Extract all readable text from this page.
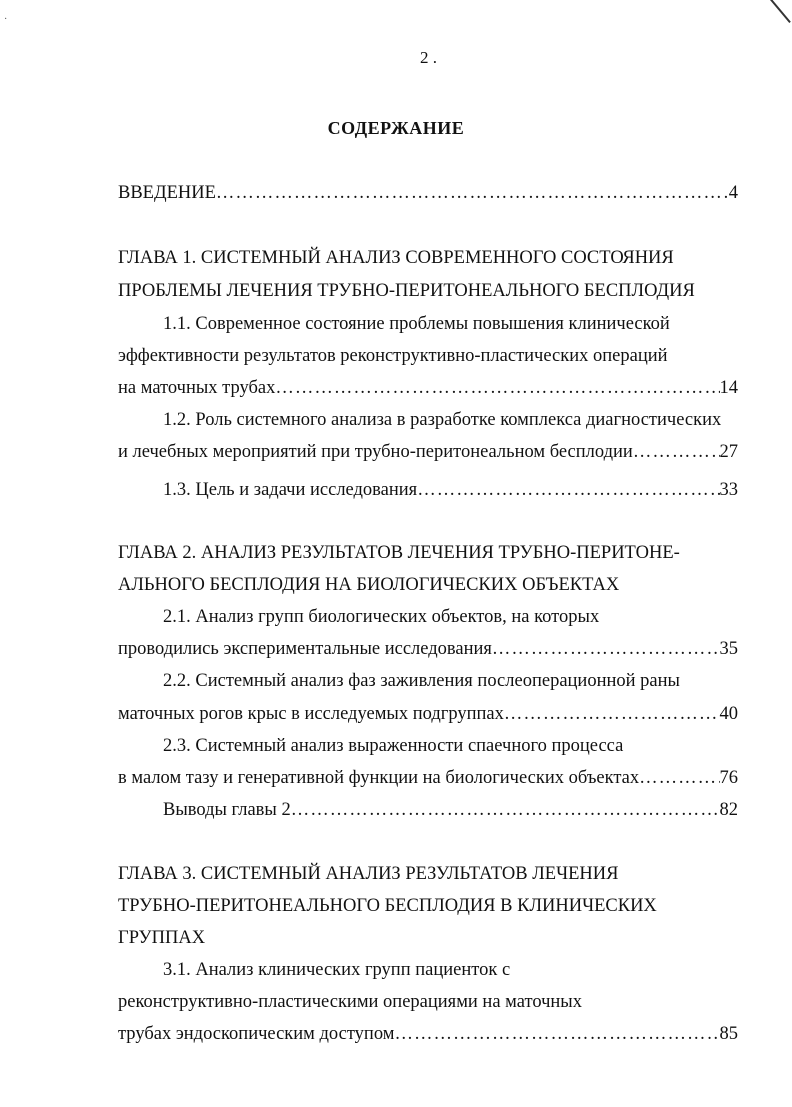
·
2 .
СОДЕРЖАНИЕ
ВВЕДЕНИЕ …………………………………………………………………………………………………………………………………………………………	4
ГЛАВА 1. СИСТЕМНЫЙ АНАЛИЗ СОВРЕМЕННОГО СОСТОЯНИЯ
ПРОБЛЕМЫ ЛЕЧЕНИЯ ТРУБНО-ПЕРИТОНЕАЛЬНОГО БЕСПЛОДИЯ
1.1. Современное состояние проблемы повышения клинической
эффективности результатов реконструктивно-пластических операций
на маточных трубах …………………………………………………………………………………………………………………………………………………………	14
1.2. Роль системного анализа в разработке комплекса диагностических
и лечебных мероприятий при трубно-перитонеальном бесплодии …………………………………………………………………………………………………………………………………………………………	27
1.3. Цель и задачи исследования …………………………………………………………………………………………………………………………………………………………	33
ГЛАВА 2. АНАЛИЗ РЕЗУЛЬТАТОВ ЛЕЧЕНИЯ ТРУБНО-ПЕРИТОНЕ-
АЛЬНОГО БЕСПЛОДИЯ НА БИОЛОГИЧЕСКИХ ОБЪЕКТАХ
2.1. Анализ групп биологических объектов, на которых
проводились экспериментальные исследования …………………………………………………………………………………………………………………………………………………………	35
2.2. Системный анализ фаз заживления послеоперационной раны
маточных рогов крыс в исследуемых подгруппах …………………………………………………………………………………………………………………………………………………………	40
2.3. Системный анализ выраженности спаечного процесса
в малом тазу и генеративной функции на биологических объектах …………………………………………………………………………………………………………………………………………………………	76
Выводы главы 2 …………………………………………………………………………………………………………………………………………………………	82
ГЛАВА 3. СИСТЕМНЫЙ АНАЛИЗ РЕЗУЛЬТАТОВ ЛЕЧЕНИЯ
ТРУБНО-ПЕРИТОНЕАЛЬНОГО БЕСПЛОДИЯ В КЛИНИЧЕСКИХ
ГРУППАХ
3.1. Анализ клинических групп пациенток с
реконструктивно-пластическими операциями на маточных
трубах эндоскопическим доступом …………………………………………………………………………………………………………………………………………………………	85
